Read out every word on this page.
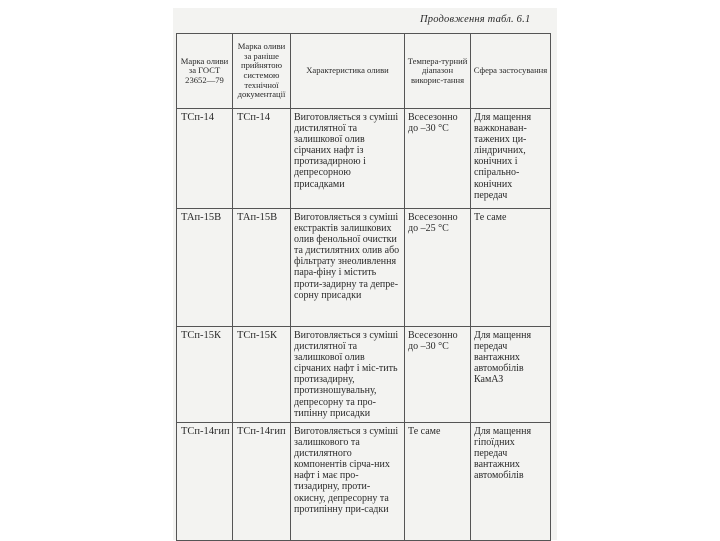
Продовження табл. 6.1
Марка оливи за ГОСТ 23652—79	Марка оливи за раніше прийнятою системою технічної документації	Характеристика оливи	Темпера-турний діапазон викорис-тання	Сфера застосування
ТСп-14	ТСп-14	Виготовляється з суміші дистилятної та залишкової олив сірчаних нафт із протизадирною і депресорною присадками	Всесезонно до –30 °С	Для мащення важконаван-тажених ци-ліндричних, конічних і спірально-конічних передач
ТАп-15В	ТАп-15В	Виготовляється з суміші екстрактів залишкових олив фенольної очистки та дистилятних олив або фільтрату знеоливлення пара-фіну і містить проти-задирну та депре-сорну присадки	Всесезонно до –25 °С	Те саме
ТСп-15К	ТСп-15К	Виготовляється з суміші дистилятної та залишкової олив сірчаних нафт і міс-тить протизадирну, протизношувальну, депресорну та про-типінну присадки	Всесезонно до –30 °С	Для мащення передач вантажних автомобілів КамАЗ
ТСп-14гип	ТСп-14гип	Виготовляється з суміші залишкового та дистилятного компонентів сірча-них нафт і має про-тизадирну, проти-окисну, депресорну та протипінну при-садки	Те саме	Для мащення гіпоїдних передач вантажних автомобілів
